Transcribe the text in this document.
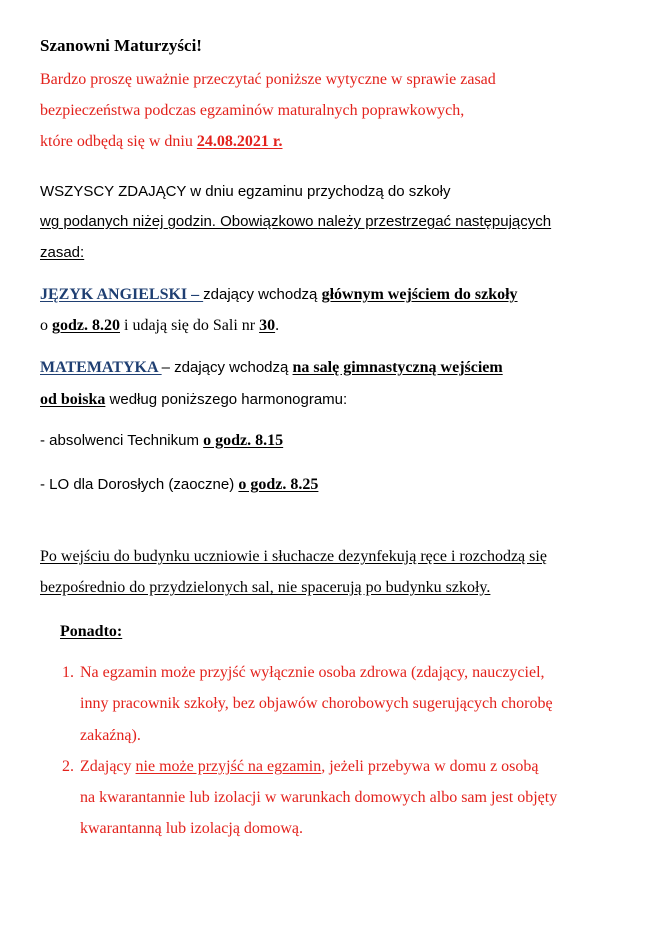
Szanowni Maturzyści!
Bardzo proszę uważnie przeczytać poniższe wytyczne w sprawie zasad
bezpieczeństwa podczas egzaminów maturalnych poprawkowych,
które odbędą się w dniu 24.08.2021 r.
WSZYSCY ZDAJĄCY w dniu egzaminu przychodzą do szkoły
wg podanych niżej godzin. Obowiązkowo należy przestrzegać następujących
zasad:
JĘZYK ANGIELSKI – zdający wchodzą głównym wejściem do szkoły
o godz. 8.20 i udają się do Sali nr 30.
MATEMATYKA – zdający wchodzą na salę gimnastyczną wejściem
od boiska według poniższego harmonogramu:
- absolwenci Technikum o godz. 8.15
- LO dla Dorosłych (zaoczne) o godz. 8.25
Po wejściu do budynku uczniowie i słuchacze dezynfekują ręce i rozchodzą się
bezpośrednio do przydzielonych sal, nie spacerują po budynku szkoły.
Ponadto:
1. Na egzamin może przyjść wyłącznie osoba zdrowa (zdający, nauczyciel,
inny pracownik szkoły, bez objawów chorobowych sugerujących chorobę
zakaźną).
2. Zdający nie może przyjść na egzamin, jeżeli przebywa w domu z osobą
na kwarantannie lub izolacji w warunkach domowych albo sam jest objęty
kwarantanną lub izolacją domową.
